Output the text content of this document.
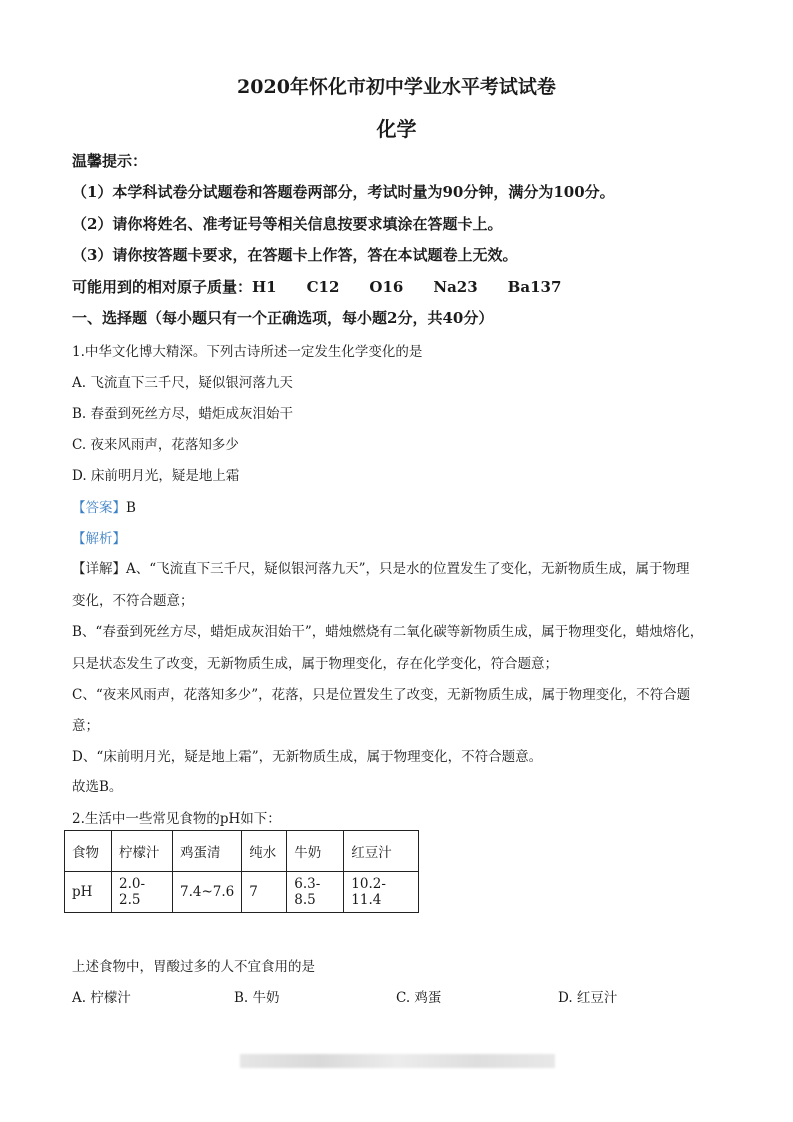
2020年怀化市初中学业水平考试试卷
化学
温馨提示：
（1）本学科试卷分试题卷和答题卷两部分，考试时量为90分钟，满分为100分。
（2）请你将姓名、准考证号等相关信息按要求填涂在答题卡上。
（3）请你按答题卡要求，在答题卡上作答，答在本试题卷上无效。
可能用到的相对原子质量：H1　　C12　　O16　　Na23　　Ba137
一、选择题（每小题只有一个正确选项，每小题2分，共40分）
1.中华文化博大精深。下列古诗所述一定发生化学变化的是
A. 飞流直下三千尺，疑似银河落九天
B. 春蚕到死丝方尽，蜡炬成灰泪始干
C. 夜来风雨声，花落知多少
D. 床前明月光，疑是地上霜
【答案】B
【解析】
【详解】A、“飞流直下三千尺，疑似银河落九天”，只是水的位置发生了变化，无新物质生成，属于物理
变化，不符合题意；
B、“春蚕到死丝方尽，蜡炬成灰泪始干”，蜡烛燃烧有二氧化碳等新物质生成，属于物理变化，蜡烛熔化，
只是状态发生了改变，无新物质生成，属于物理变化，存在化学变化，符合题意；
C、“夜来风雨声，花落知多少”，花落，只是位置发生了改变，无新物质生成，属于物理变化，不符合题
意；
D、“床前明月光，疑是地上霜”，无新物质生成，属于物理变化，不符合题意。
故选B。
2.生活中一些常见食物的pH如下：
食物	柠檬汁	鸡蛋清	纯水	牛奶	红豆汁
pH	2.0-2.5	7.4~7.6	7	6.3-8.5	10.2-11.4
上述食物中，胃酸过多的人不宜食用的是
A. 柠檬汁	B. 牛奶	C. 鸡蛋	D. 红豆汁
